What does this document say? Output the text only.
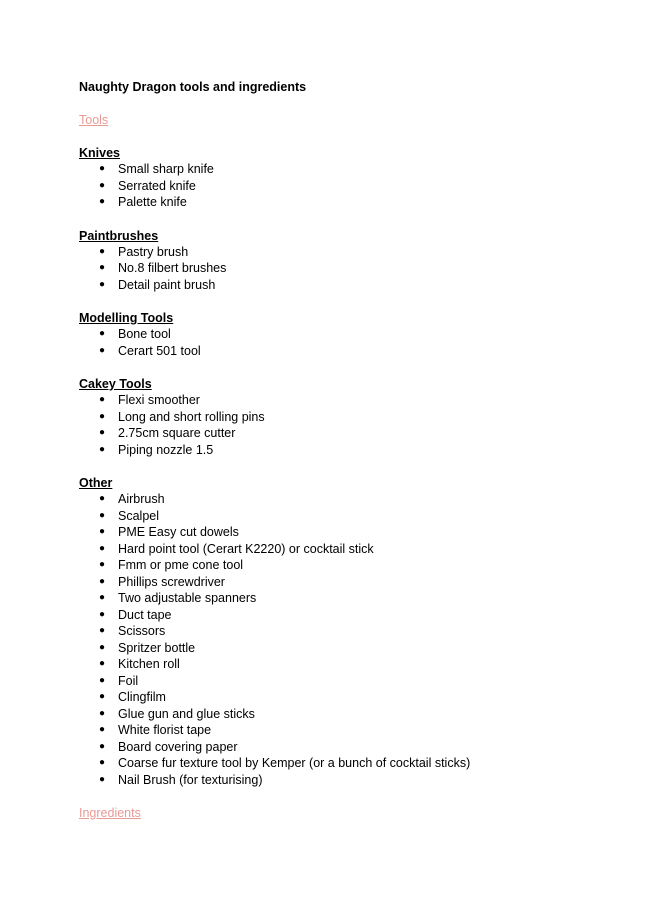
Naughty Dragon tools and ingredients
Tools
Knives
● Small sharp knife
● Serrated knife
● Palette knife
Paintbrushes
● Pastry brush
● No.8 filbert brushes
● Detail paint brush
Modelling Tools
● Bone tool
● Cerart 501 tool
Cakey Tools
● Flexi smoother
● Long and short rolling pins
● 2.75cm square cutter
● Piping nozzle 1.5
Other
● Airbrush
● Scalpel
● PME Easy cut dowels
● Hard point tool (Cerart K2220) or cocktail stick
● Fmm or pme cone tool
● Phillips screwdriver
● Two adjustable spanners
● Duct tape
● Scissors
● Spritzer bottle
● Kitchen roll
● Foil
● Clingfilm
● Glue gun and glue sticks
● White florist tape
● Board covering paper
● Coarse fur texture tool by Kemper (or a bunch of cocktail sticks)
● Nail Brush (for texturising)
Ingredients
